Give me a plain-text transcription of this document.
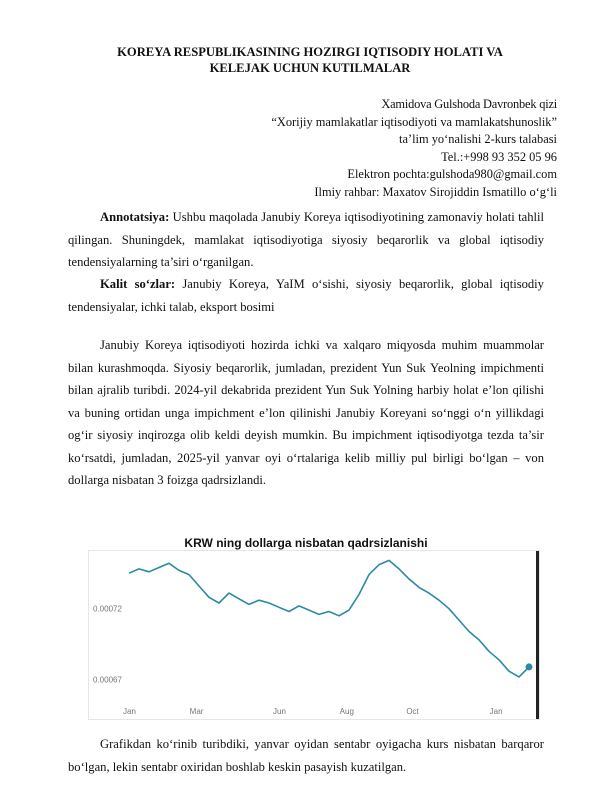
KOREYA RESPUBLIKASINING HOZIRGI IQTISODIY HOLATI VA
KELEJAK UCHUN KUTILMALAR
Xamidova Gulshoda Davronbek qizi
“Xorijiy mamlakatlar iqtisodiyoti va mamlakatshunoslik”
ta’lim yo‘nalishi 2-kurs talabasi
Tel.:+998 93 352 05 96
Elektron pochta:gulshoda980@gmail.com
Ilmiy rahbar: Maxatov Sirojiddin Ismatillo o‘g‘li

Annotatsiya: Ushbu maqolada Janubiy Koreya iqtisodiyotining zamonaviy holati tahlil qilingan. Shuningdek, mamlakat iqtisodiyotiga siyosiy beqarorlik va global iqtisodiy tendensiyalarning ta’siri o‘rganilgan.

Kalit so‘zlar: Janubiy Koreya, YaIM o‘sishi, siyosiy beqarorlik, global iqtisodiy tendensiyalar, ichki talab, eksport bosimi

Janubiy Koreya iqtisodiyoti hozirda ichki va xalqaro miqyosda muhim muammolar bilan kurashmoqda. Siyosiy beqarorlik, jumladan, prezident Yun Suk Yeolning impichmenti bilan ajralib turibdi. 2024-yil dekabrida prezident Yun Suk Yolning harbiy holat e’lon qilishi va buning ortidan unga impichment e’lon qilinishi Janubiy Koreyani so‘nggi o‘n yillikdagi og‘ir siyosiy inqirozga olib keldi deyish mumkin. Bu impichment iqtisodiyotga tezda ta’sir ko‘rsatdi, jumladan, 2025-yil yanvar oyi o‘rtalariga kelib milliy pul birligi bo‘lgan – von dollarga nisbatan 3 foizga qadrsizlandi.

KRW ning dollarga nisbatan qadrsizlanishi
0.00072
0.00067
Jan	Mar	Jun	Aug	Oct	Jan

Grafikdan ko‘rinib turibdiki, yanvar oyidan sentabr oyigacha kurs nisbatan barqaror bo‘lgan, lekin sentabr oxiridan boshlab keskin pasayish kuzatilgan.
